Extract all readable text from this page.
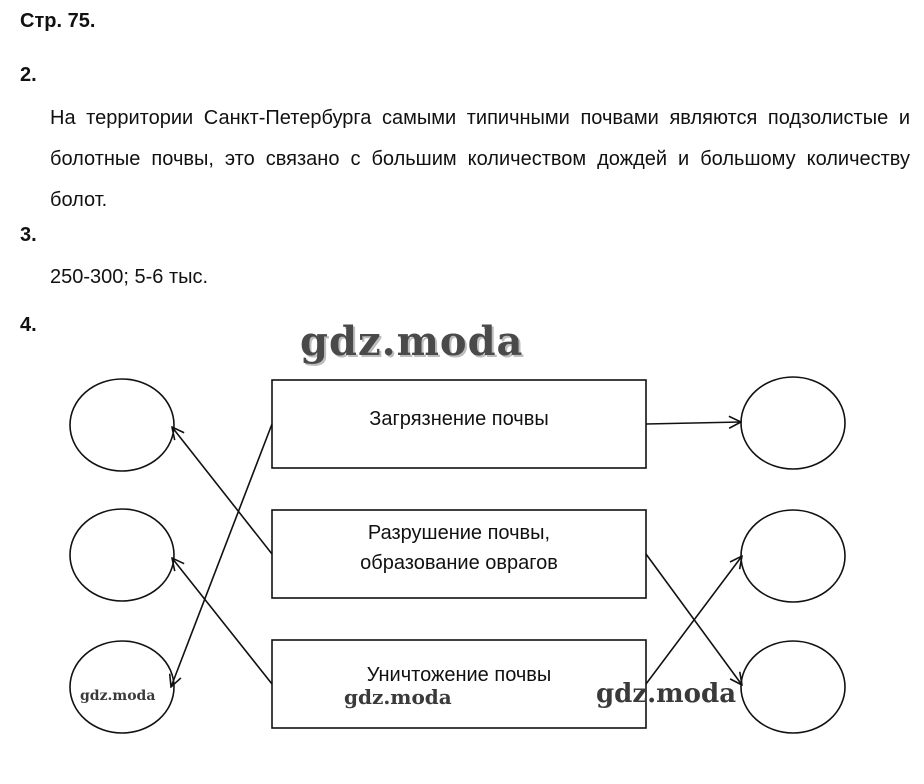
Стр. 75.
2.
На территории Санкт-Петербурга самыми типичными почвами являются подзолистые и болотные почвы, это связано с большим количеством дождей и большому количеству болот.
3.
250-300; 5-6 тыс.
4.
Загрязнение почвы
Разрушение почвы,
образование оврагов
Уничтожение почвы
gdz.moda
gdz.moda	gdz.moda	gdz.moda
